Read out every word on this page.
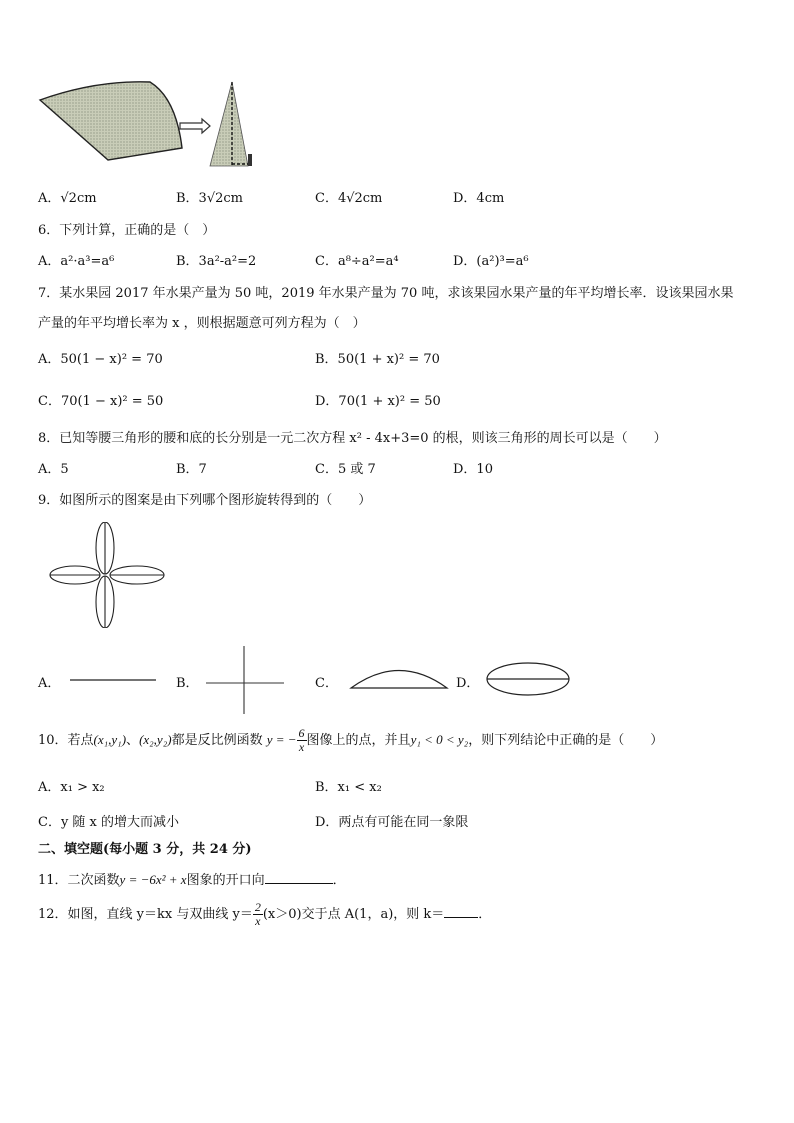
A．√2cm	B．3√2cm	C．4√2cm	D．4cm
6．下列计算，正确的是（　）
A．a²·a³=a⁶	B．3a²-a²=2	C．a⁸÷a²=a⁴	D．(a²)³=a⁶
7．某水果园 2017 年水果产量为 50 吨，2019 年水果产量为 70 吨，求该果园水果产量的年平均增长率．设该果园水果
产量的年平均增长率为 x ，则根据题意可列方程为（　）
A．50(1 − x)² = 70	B．50(1 + x)² = 70
C．70(1 − x)² = 50	D．70(1 + x)² = 50
8．已知等腰三角形的腰和底的长分别是一元二次方程 x² - 4x+3=0 的根，则该三角形的周长可以是（　　）
A．5	B．7	C．5 或 7	D．10
9．如图所示的图案是由下列哪个图形旋转得到的（　　）
A．	B．	C．	D．
10．若点(x₁,y₁)、(x₂,y₂)都是反比例函数 y = − $\frac{6}{x}$ 图像上的点，并且y₁ < 0 < y₂，则下列结论中正确的是（　　）
A．x₁ > x₂	B．x₁ < x₂
C．y 随 x 的增大而减小	D．两点有可能在同一象限
二、填空题(每小题 3 分，共 24 分)
11．二次函数y = −6x² + x图象的开口向	．
12．如图，直线 y＝kx 与双曲线 $y= \frac{2}{x} (x>0)$交于点 A(1，a)，则 k＝	．
